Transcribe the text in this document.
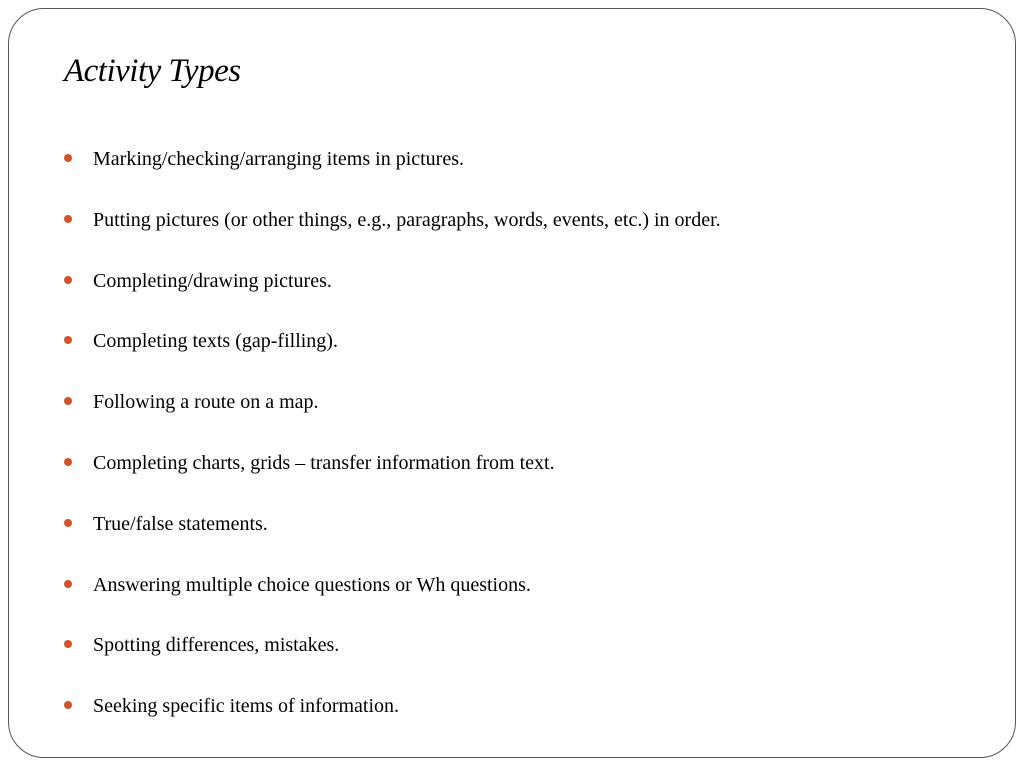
Activity Types
Marking/checking/arranging items in pictures.
Putting pictures (or other things, e.g., paragraphs, words, events, etc.) in order.
Completing/drawing pictures.
Completing texts (gap-filling).
Following a route on a map.
Completing charts, grids – transfer information from text.
True/false statements.
Answering multiple choice questions or Wh questions.
Spotting differences, mistakes.
Seeking specific items of information.
